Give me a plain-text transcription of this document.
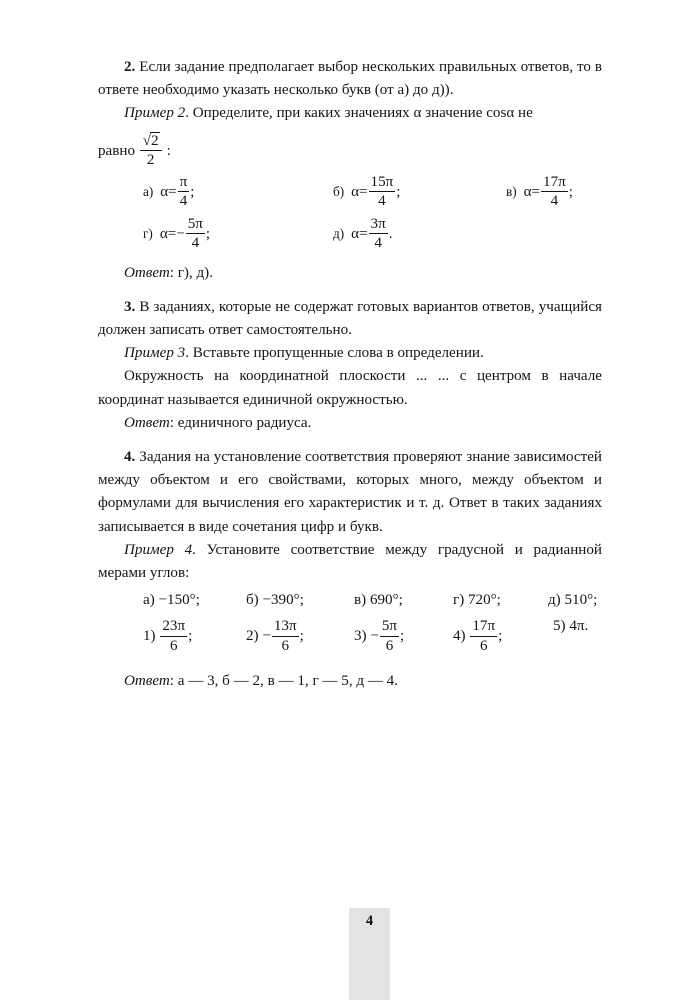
2. Если задание предполагает выбор нескольких правильных ответов, то в ответе необходимо указать несколько букв (от а) до д)).

Пример 2. Определите, при каких значениях α значение cosα не

равно $\frac{√2}{2}$ :
а) $\alpha= \frac{\pi}{4}$ ;	б) $\alpha= \frac{15\pi}{4}$ ;	в) $\alpha= \frac{17\pi}{4}$ ;
г) $\alpha=- \frac{5\pi}{4}$ ;	д) $\alpha= \frac{3\pi}{4}$ .

Ответ: г), д).

3. В заданиях, которые не содержат готовых вариантов ответов, учащийся должен записать ответ самостоятельно.

Пример 3. Вставьте пропущенные слова в определении.

Окружность на координатной плоскости ... ... с центром в начале координат называется единичной окружностью.

Ответ: единичного радиуса.

4. Задания на установление соответствия проверяют знание зависимостей между объектом и его свойствами, которых много, между объектом и формулами для вычисления его характеристик и т. д. Ответ в таких заданиях записывается в виде сочетания цифр и букв.

Пример 4. Установите соответствие между градусной и радианной мерами углов:

а) −150°;	б) −390°;	в) 690°;	г) 720°;	д) 510°;
$1) \frac{23\pi}{6}$ ;	$2) - \frac{13\pi}{6}$ ;	$3) - \frac{5\pi}{6}$ ;	$4) \frac{17\pi}{6}$ ;
5) 4π.

Ответ: а — 3, б — 2, в — 1, г — 5, д — 4.

4
